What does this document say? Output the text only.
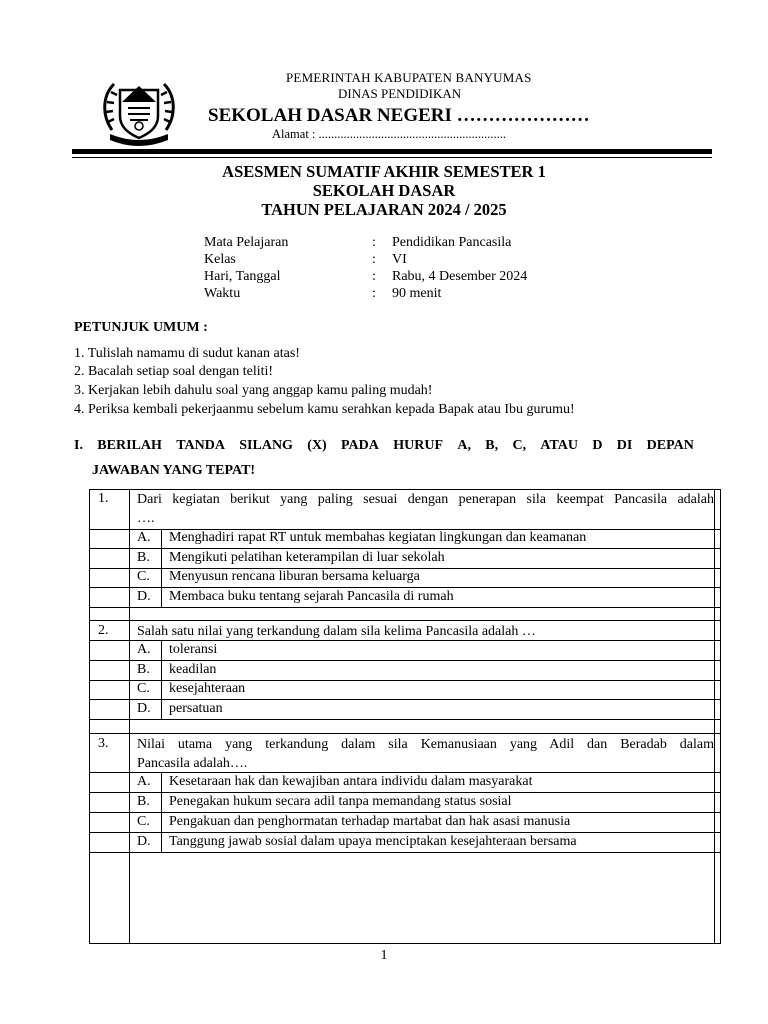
PEMERINTAH KABUPATEN BANYUMAS
DINAS PENDIDIKAN
SEKOLAH DASAR NEGERI …………………
Alamat : ............................................................
ASESMEN SUMATIF AKHIR SEMESTER 1
SEKOLAH DASAR
TAHUN PELAJARAN 2024 / 2025
Mata Pelajaran	: Pendidikan Pancasila
Kelas	: VI
Hari, Tanggal	: Rabu, 4 Desember 2024
Waktu	: 90 menit
PETUNJUK UMUM :
1. Tulislah namamu di sudut kanan atas!
2. Bacalah setiap soal dengan teliti!
3. Kerjakan lebih dahulu soal yang anggap kamu paling mudah!
4. Periksa kembali pekerjaanmu sebelum kamu serahkan kepada Bapak atau Ibu gurumu!
I. BERILAH TANDA SILANG (X) PADA HURUF A, B, C, ATAU D DI DEPAN
JAWABAN YANG TEPAT!
1. Dari kegiatan berikut yang paling sesuai dengan penerapan sila keempat Pancasila adalah
….
A. Menghadiri rapat RT untuk membahas kegiatan lingkungan dan keamanan
B. Mengikuti pelatihan keterampilan di luar sekolah
C. Menyusun rencana liburan bersama keluarga
D. Membaca buku tentang sejarah Pancasila di rumah
2. Salah satu nilai yang terkandung dalam sila kelima Pancasila adalah …
A. toleransi
B. keadilan
C. kesejahteraan
D. persatuan
3. Nilai utama yang terkandung dalam sila Kemanusiaan yang Adil dan Beradab dalam
Pancasila adalah….
A. Kesetaraan hak dan kewajiban antara individu dalam masyarakat
B. Penegakan hukum secara adil tanpa memandang status sosial
C. Pengakuan dan penghormatan terhadap martabat dan hak asasi manusia
D. Tanggung jawab sosial dalam upaya menciptakan kesejahteraan bersama
1
